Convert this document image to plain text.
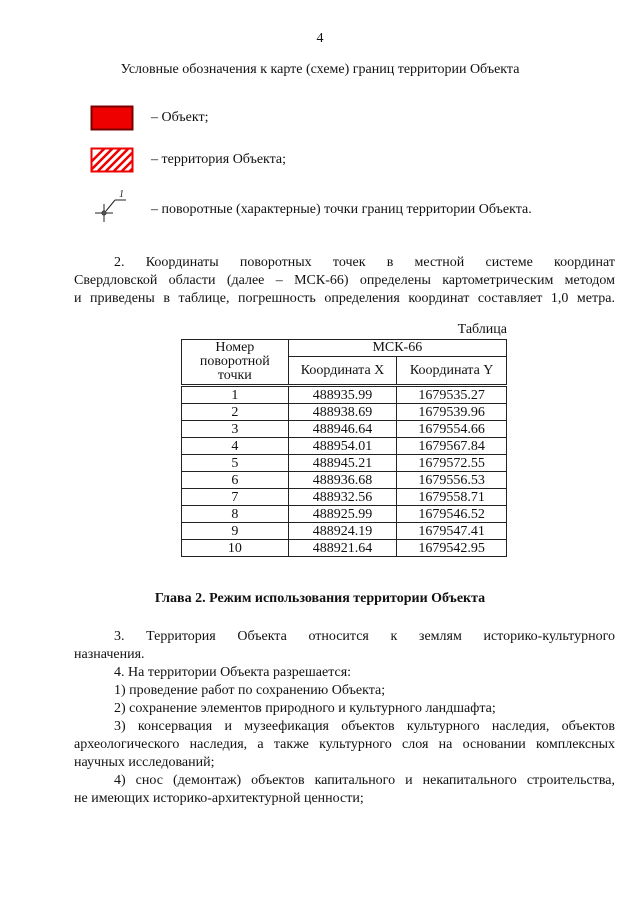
4
Условные обозначения к карте (схеме) границ территории Объекта
– Объект;
– территория Объекта;
1
– поворотные (характерные) точки границ территории Объекта.
2. Координаты поворотных точек в местной системе координат
Свердловской области (далее – МСК-66) определены картометрическим методом
и приведены в таблице, погрешность определения координат составляет 1,0 метра.
Таблица
Номер поворотной точки	МСК-66	
	Координата X	Координата Y
1	488935.99	1679535.27
2	488938.69	1679539.96
3	488946.64	1679554.66
4	488954.01	1679567.84
5	488945.21	1679572.55
6	488936.68	1679556.53
7	488932.56	1679558.71
8	488925.99	1679546.52
9	488924.19	1679547.41
10	488921.64	1679542.95
Глава 2. Режим использования территории Объекта
3. Территория Объекта относится к землям историко-культурного
назначения.
4. На территории Объекта разрешается:
1) проведение работ по сохранению Объекта;
2) сохранение элементов природного и культурного ландшафта;
3) консервация и музеефикация объектов культурного наследия, объектов
археологического наследия, а также культурного слоя на основании комплексных
научных исследований;
4) снос (демонтаж) объектов капитального и некапитального строительства,
не имеющих историко-архитектурной ценности;
